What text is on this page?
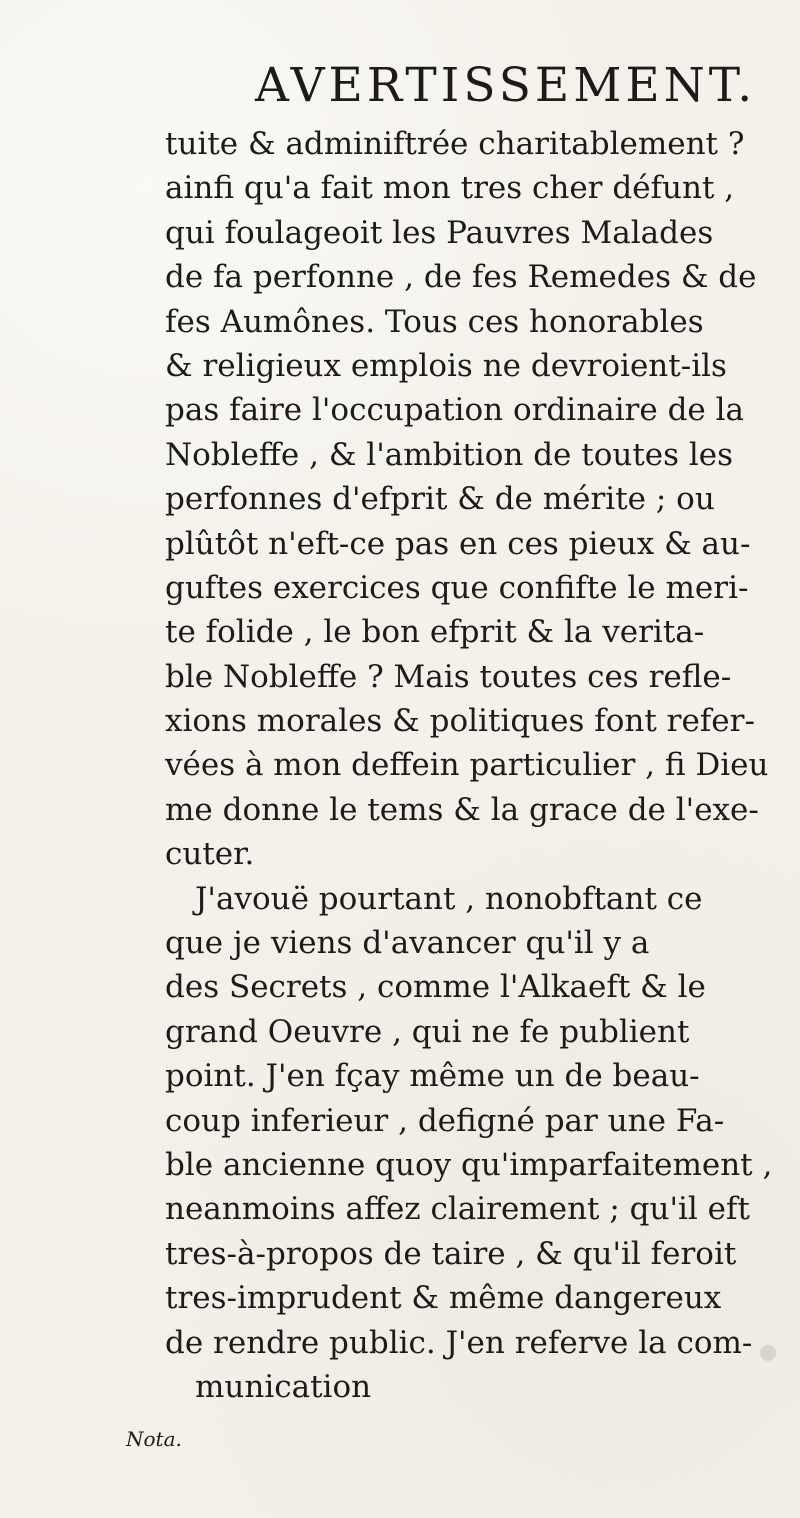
AVERTISSEMENT.
Nota.
tuite & adminiftrée charitablement ?
ainfi qu'a fait mon tres cher défunt ,
qui foulageoit les Pauvres Malades
de fa perfonne , de fes Remedes & de
fes Aumônes. Tous ces honorables
& religieux emplois ne devroient-ils
pas faire l'occupation ordinaire de la
Nobleffe , & l'ambition de toutes les
perfonnes d'efprit & de mérite ; ou
plûtôt n'eft-ce pas en ces pieux & au-
guftes exercices que confifte le meri-
te folide , le bon efprit & la verita-
ble Nobleffe ? Mais toutes ces refle-
xions morales & politiques font refer-
vées à mon deffein particulier , fi Dieu
me donne le tems & la grace de l'exe-
cuter.
J'avouë pourtant , nonobftant ce
que je viens d'avancer qu'il y a
des Secrets , comme l'Alkaeft & le
grand Oeuvre , qui ne fe publient
point. J'en fçay même un de beau-
coup inferieur , defigné par une Fa-
ble ancienne quoy qu'imparfaitement ,
neanmoins affez clairement ; qu'il eft
tres-à-propos de taire , & qu'il feroit
tres-imprudent & même dangereux
de rendre public. J'en referve la com-
munication
